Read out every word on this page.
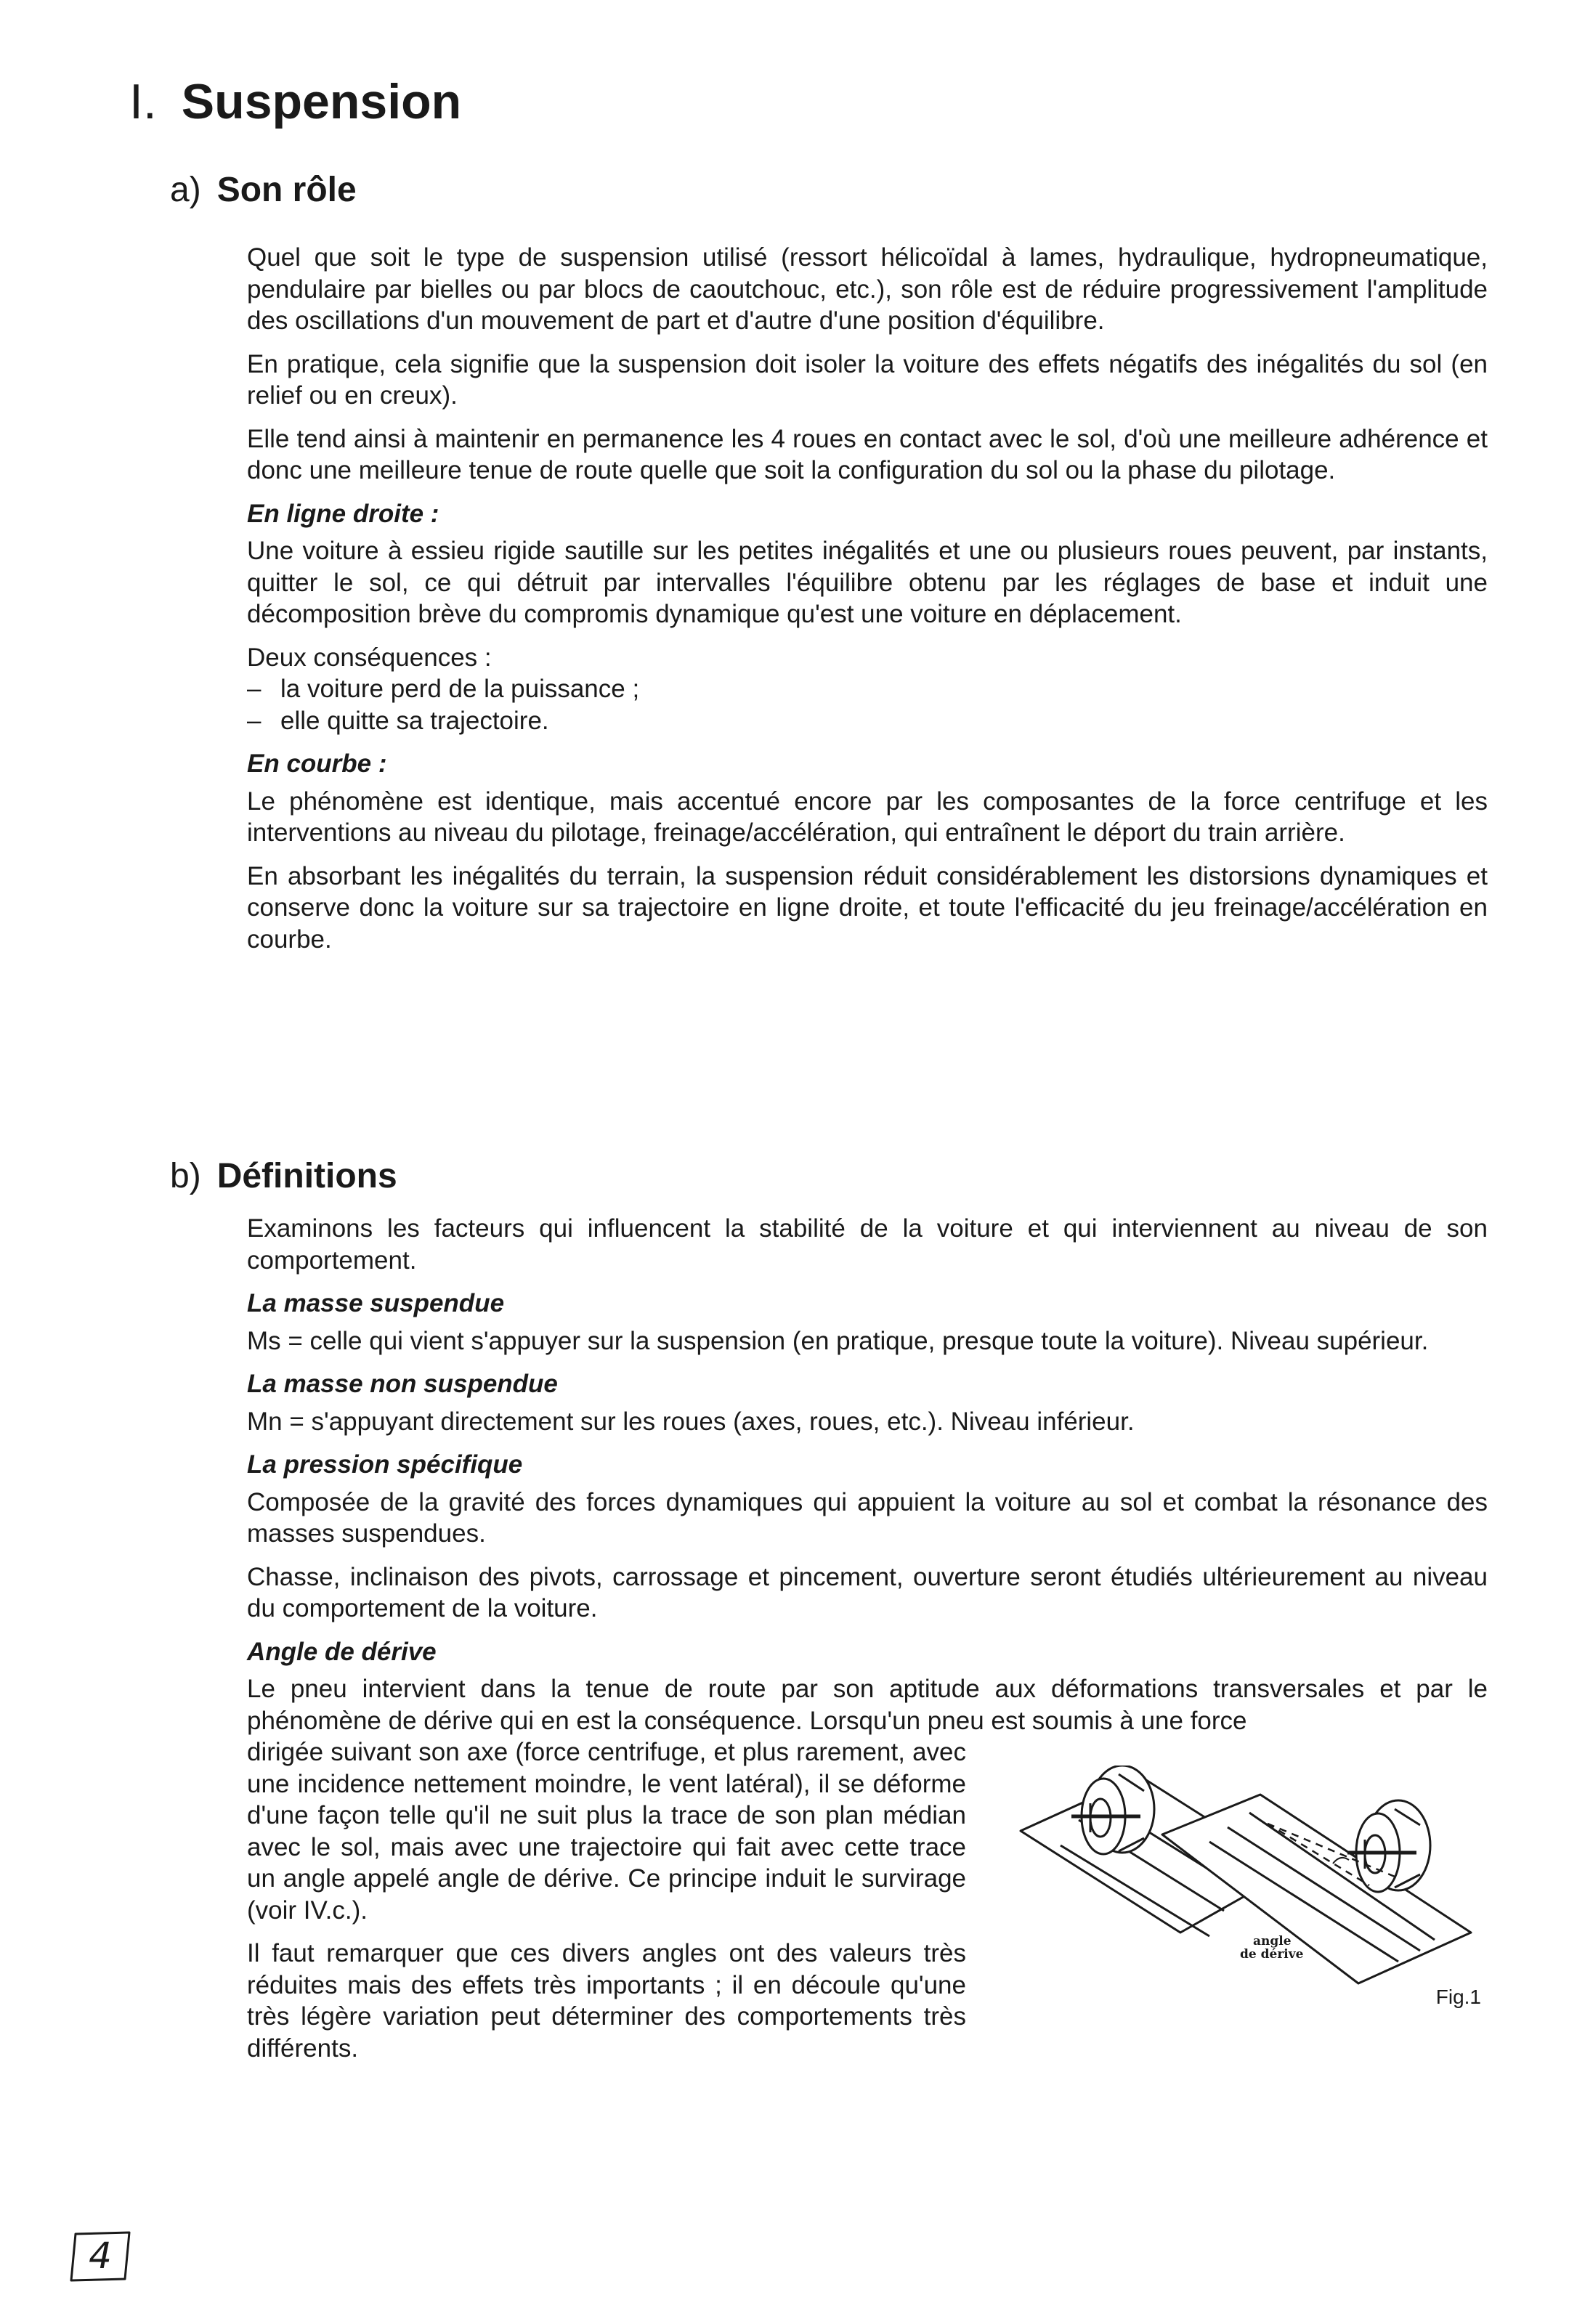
I. Suspension
a) Son rôle

Quel que soit le type de suspension utilisé (ressort hélicoïdal à lames, hydraulique, hydropneumatique, pendulaire par bielles ou par blocs de caoutchouc, etc.), son rôle est de réduire progressivement l'amplitude des oscillations d'un mouvement de part et d'autre d'une position d'équilibre.

En pratique, cela signifie que la suspension doit isoler la voiture des effets négatifs des inégalités du sol (en relief ou en creux).

Elle tend ainsi à maintenir en permanence les 4 roues en contact avec le sol, d'où une meilleure adhérence et donc une meilleure tenue de route quelle que soit la configuration du sol ou la phase du pilotage.

En ligne droite :

Une voiture à essieu rigide sautille sur les petites inégalités et une ou plusieurs roues peuvent, par instants, quitter le sol, ce qui détruit par intervalles l'équilibre obtenu par les réglages de base et induit une décomposition brève du compromis dynamique qu'est une voiture en déplacement.

Deux conséquences :

– la voiture perd de la puissance ;
– elle quitte sa trajectoire.
En courbe :

Le phénomène est identique, mais accentué encore par les composantes de la force centrifuge et les interventions au niveau du pilotage, freinage/accélération, qui entraînent le déport du train arrière.

En absorbant les inégalités du terrain, la suspension réduit considérablement les distorsions dynamiques et conserve donc la voiture sur sa trajectoire en ligne droite, et toute l'efficacité du jeu freinage/accélération en courbe.

b) Définitions

Examinons les facteurs qui influencent la stabilité de la voiture et qui interviennent au niveau de son comportement.

La masse suspendue

Ms = celle qui vient s'appuyer sur la suspension (en pratique, presque toute la voiture). Niveau supérieur.

La masse non suspendue

Mn = s'appuyant directement sur les roues (axes, roues, etc.). Niveau inférieur.

La pression spécifique

Composée de la gravité des forces dynamiques qui appuient la voiture au sol et combat la résonance des masses suspendues.

Chasse, inclinaison des pivots, carrossage et pincement, ouverture seront étudiés ultérieurement au niveau du comportement de la voiture.

Angle de dérive

Le pneu intervient dans la tenue de route par son aptitude aux déformations transversales et par le phénomène de dérive qui en est la conséquence. Lorsqu'un pneu est soumis à une force

dirigée suivant son axe (force centrifuge, et plus rarement, avec une incidence nettement moindre, le vent latéral), il se déforme d'une façon telle qu'il ne suit plus la trace de son plan médian avec le sol, mais avec une trajectoire qui fait avec cette trace un angle appelé angle de dérive. Ce principe induit le survirage (voir IV.c.).

Il faut remarquer que ces divers angles ont des valeurs très réduites mais des effets très importants ; il en découle qu'une très légère variation peut déterminer des comportements très différents.

angle
de dérive
Fig.1
4
